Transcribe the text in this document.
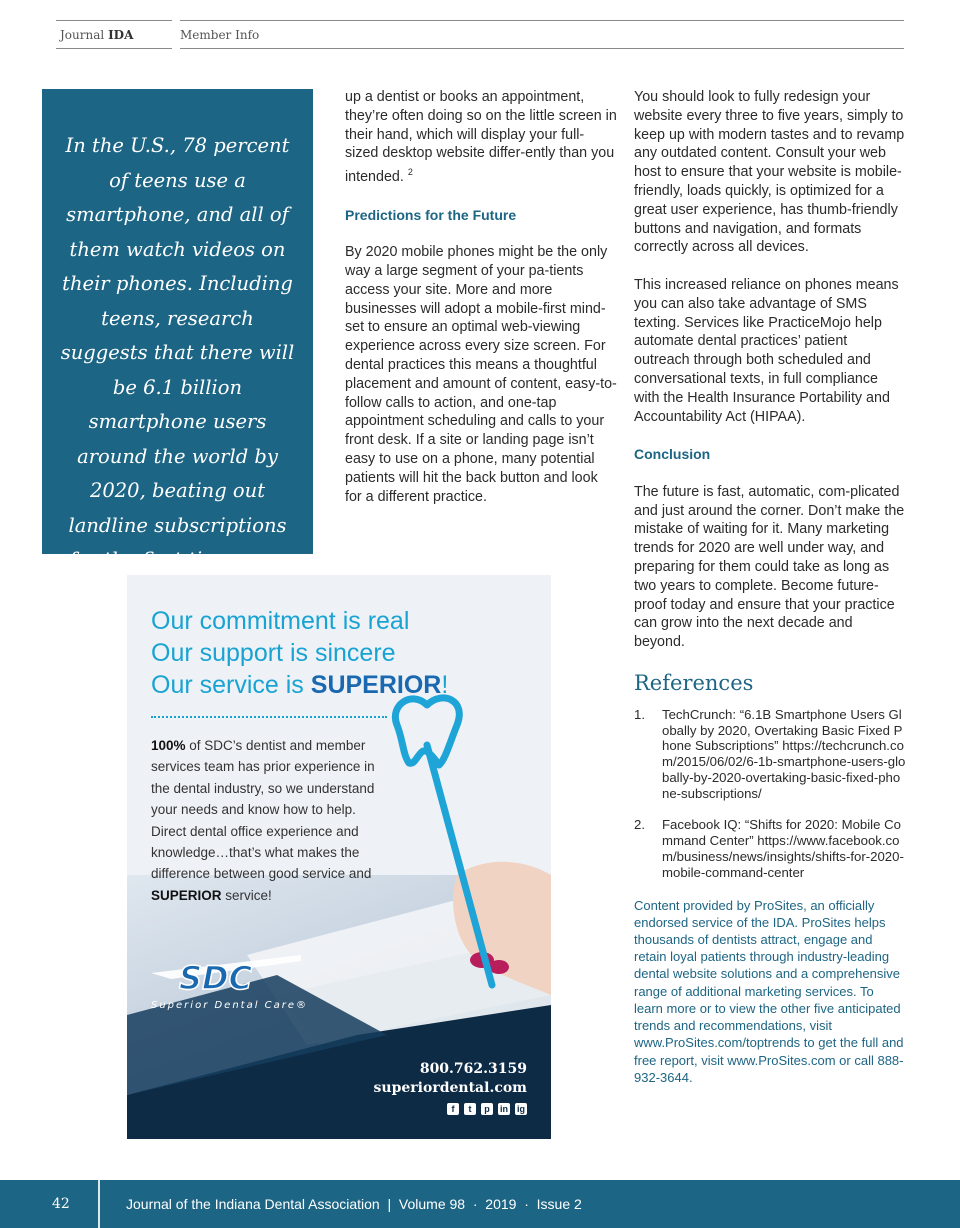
Journal IDA	Member Info

In the U.S., 78 percent of teens use a smartphone, and all of them watch videos on their phones. Including teens, research suggests that there will be 6.1 billion smartphone users around the world by 2020, beating out landline subscriptions for the first time ever.

up a dentist or books an appointment, they’re often doing so on the little screen in their hand, which will display your full-sized desktop website differ-ently than you intended. $^2$

Predictions for the Future

By 2020 mobile phones might be the only way a large segment of your pa-tients access your site. More and more businesses will adopt a mobile-first mind-set to ensure an optimal web-viewing experience across every size screen. For dental practices this means a thoughtful placement and amount of content, easy-to-follow calls to action, and one-tap appointment scheduling and calls to your front desk. If a site or landing page isn’t easy to use on a phone, many potential patients will hit the back button and look for a different practice.

You should look to fully redesign your website every three to five years, simply to keep up with modern tastes and to revamp any outdated content. Consult your web host to ensure that your website is mobile-friendly, loads quickly, is optimized for a great user experience, has thumb-friendly buttons and navigation, and formats correctly across all devices.

This increased reliance on phones means you can also take advantage of SMS texting. Services like PracticeMojo help automate dental practices’ patient outreach through both scheduled and conversational texts, in full compliance with the Health Insurance Portability and Accountability Act (HIPAA).

Conclusion

The future is fast, automatic, com-plicated and just around the corner. Don’t make the mistake of waiting for it. Many marketing trends for 2020 are well under way, and preparing for them could take as long as two years to complete. Become future-proof today and ensure that your practice can grow into the next decade and beyond.

References
1. TechCrunch: “6.1B Smartphone Users Globally by 2020, Overtaking Basic Fixed Phone Subscriptions” https://techcrunch.com/2015/06/02/6-1b-smartphone-users-globally-by-2020-overtaking-basic-fixed-phone-subscriptions/
2. Facebook IQ: “Shifts for 2020: Mobile Command Center” https://www.facebook.com/business/news/insights/shifts-for-2020-mobile-command-center

Content provided by ProSites, an officially endorsed service of the IDA. ProSites helps thousands of dentists attract, engage and retain loyal patients through industry-leading dental website solutions and a comprehensive range of additional marketing services. To learn more or to view the other five anticipated trends and recommendations, visit www.ProSites.com/toptrends to get the full and free report, visit www.ProSites.com or call 888-932-3644.

Our commitment is real
Our support is sincere
Our service is SUPERIOR!
100% of SDC’s dentist and member services team has prior experience in the dental industry, so we understand your needs and know how to help. Direct dental office experience and knowledge…that’s what makes the difference between good service and SUPERIOR service!
SDC
Superior Dental Care®
800.762.3159
superiordental.com
f	t	p	in ig
42	Journal of the Indiana Dental Association  |  Volume 98  ·  2019  ·  Issue 2
